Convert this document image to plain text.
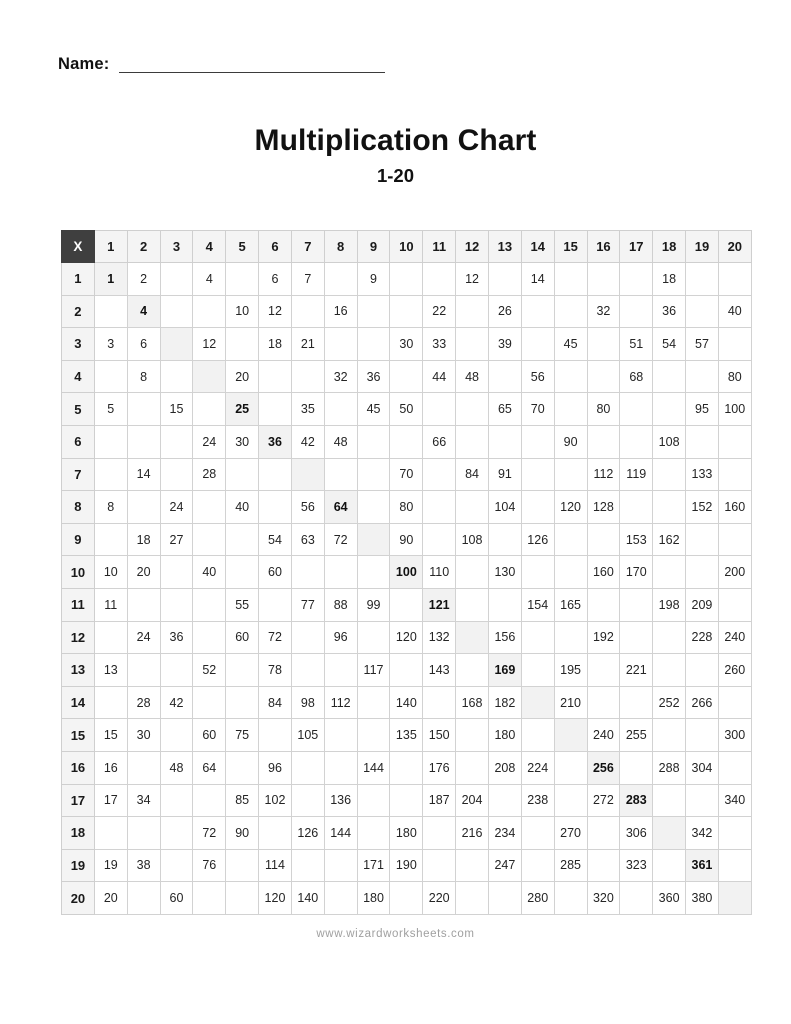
Name:
Multiplication Chart
1-20
X	1	2	3	4	5	6	7	8	9	10	11	12	13	14	15	16	17	18	19	20
1	1	2		4		6	7		9			12		14				18		
2		4			10	12		16			22		26			32		36		40
3	3	6		12		18	21			30	33		39		45		51	54	57	
4		8			20			32	36		44	48		56			68			80
5	5		15		25		35		45	50			65	70		80			95	100
6				24	30	36	42	48			66				90			108		
7		14		28						70		84	91			112	119		133	
8	8		24		40		56	64		80			104		120	128			152	160
9		18	27			54	63	72		90		108		126			153	162		
10	10	20		40		60				100	110		130			160	170			200
11	11				55		77	88	99		121			154	165			198	209	
12		24	36		60	72		96		120	132		156			192			228	240
13	13			52		78			117		143		169		195		221			260
14		28	42			84	98	112		140		168	182		210			252	266	
15	15	30		60	75		105			135	150		180			240	255			300
16	16		48	64		96			144		176		208	224		256		288	304	
17	17	34			85	102		136			187	204		238		272	283			340
18				72	90		126	144		180		216	234		270		306		342	
19	19	38		76		114			171	190			247		285		323		361	
20	20		60			120	140		180		220			280		320		360	380	
www.wizardworksheets.com
